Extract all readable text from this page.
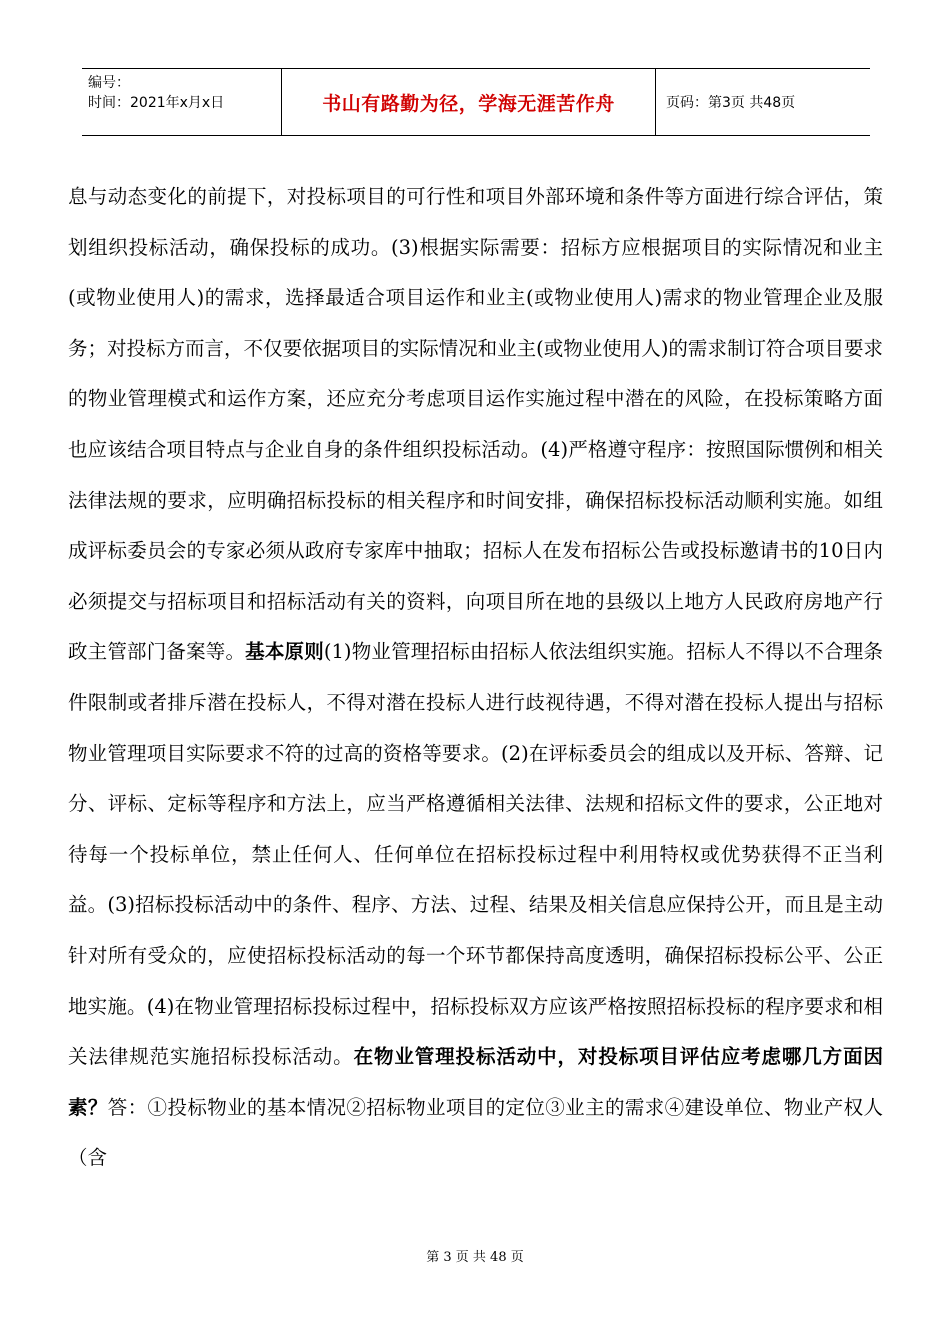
编号：
时间：2021年x月x日	书山有路勤为径，学海无涯苦作舟	页码：第3页 共48页

息与动态变化的前提下，对投标项目的可行性和项目外部环境和条件等方面进行综合评估，策划组织投标活动，确保投标的成功。(3)根据实际需要：招标方应根据项目的实际情况和业主(或物业使用人)的需求，选择最适合项目运作和业主(或物业使用人)需求的物业管理企业及服务；对投标方而言，不仅要依据项目的实际情况和业主(或物业使用人)的需求制订符合项目要求的物业管理模式和运作方案，还应充分考虑项目运作实施过程中潜在的风险，在投标策略方面也应该结合项目特点与企业自身的条件组织投标活动。(4)严格遵守程序：按照国际惯例和相关法律法规的要求，应明确招标投标的相关程序和时间安排，确保招标投标活动顺利实施。如组成评标委员会的专家必须从政府专家库中抽取；招标人在发布招标公告或投标邀请书的10日内必须提交与招标项目和招标活动有关的资料，向项目所在地的县级以上地方人民政府房地产行政主管部门备案等。基本原则(1)物业管理招标由招标人依法组织实施。招标人不得以不合理条件限制或者排斥潜在投标人，不得对潜在投标人进行歧视待遇，不得对潜在投标人提出与招标物业管理项目实际要求不符的过高的资格等要求。(2)在评标委员会的组成以及开标、答辩、记分、评标、定标等程序和方法上，应当严格遵循相关法律、法规和招标文件的要求，公正地对待每一个投标单位，禁止任何人、任何单位在招标投标过程中利用特权或优势获得不正当利益。(3)招标投标活动中的条件、程序、方法、过程、结果及相关信息应保持公开，而且是主动针对所有受众的，应使招标投标活动的每一个环节都保持高度透明，确保招标投标公平、公正地实施。(4)在物业管理招标投标过程中，招标投标双方应该严格按照招标投标的程序要求和相关法律规范实施招标投标活动。在物业管理投标活动中，对投标项目评估应考虑哪几方面因素？答：①投标物业的基本情况②招标物业项目的定位③业主的需求④建设单位、物业产权人（含

第 3 页 共 48 页
